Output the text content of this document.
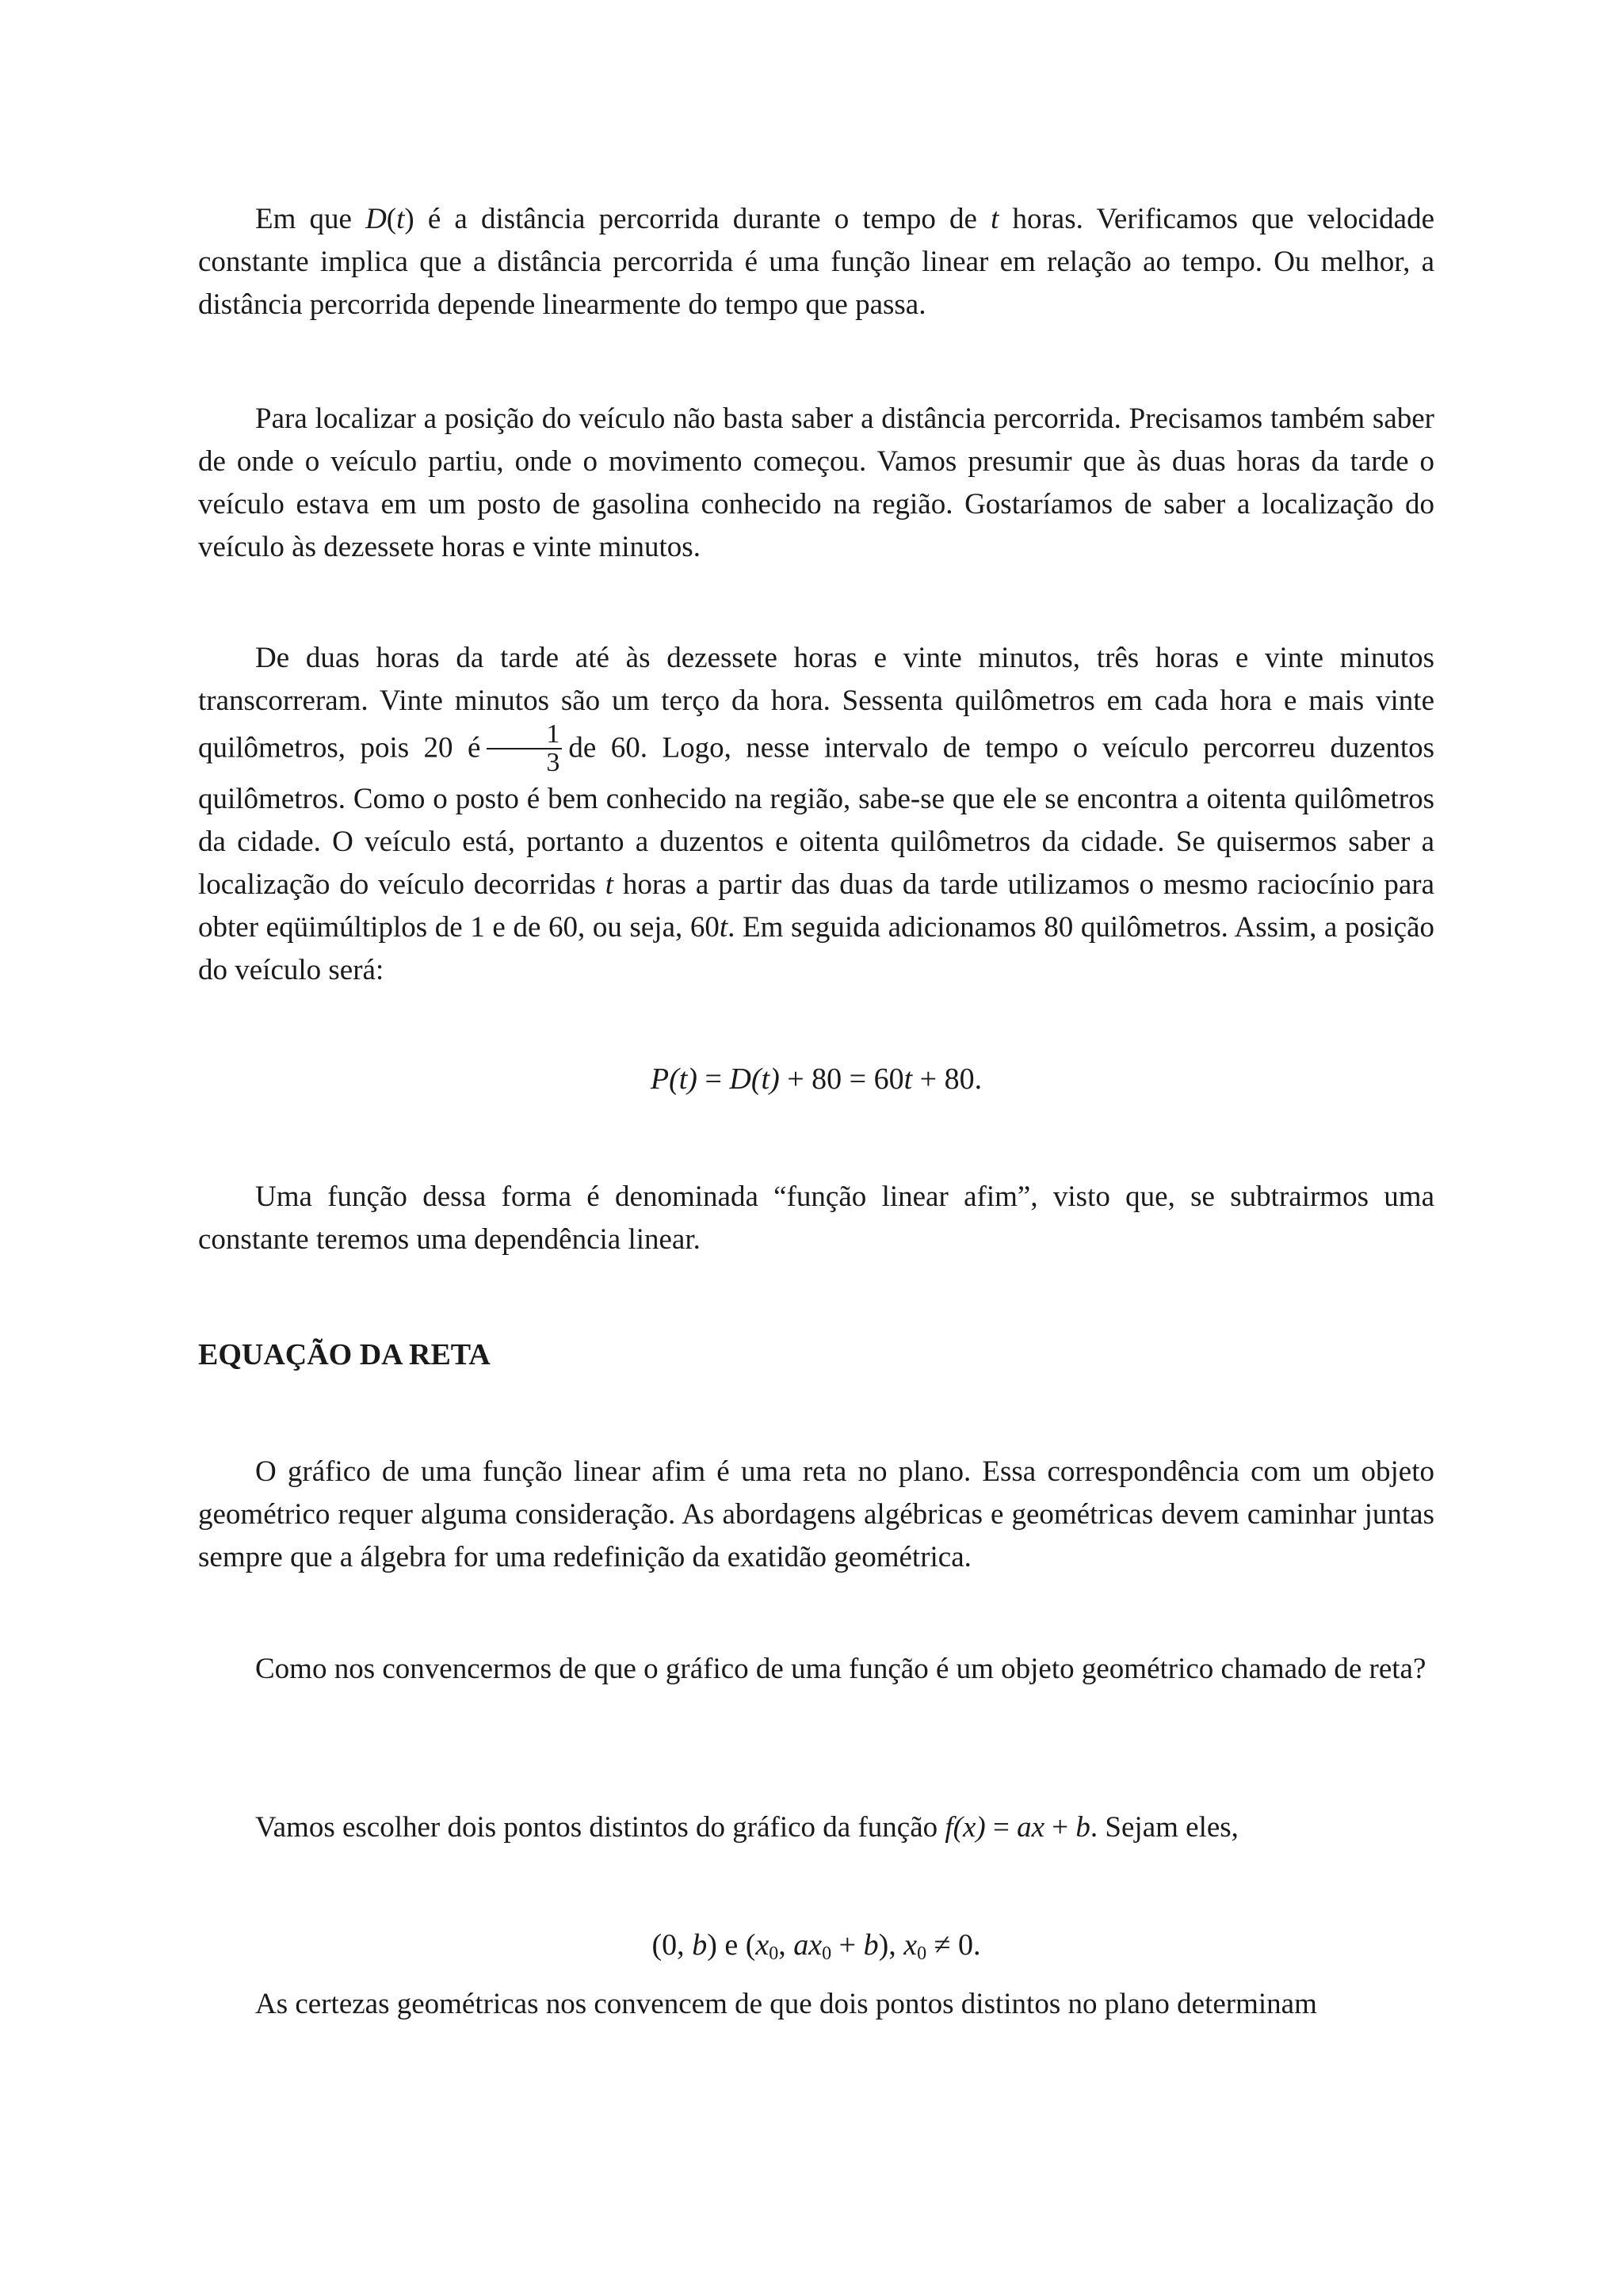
Em que D(t) é a distância percorrida durante o tempo de t horas. Verificamos que velocidade constante implica que a distância percorrida é uma função linear em relação ao tempo. Ou melhor, a distância percorrida depende linearmente do tempo que passa.

Para localizar a posição do veículo não basta saber a distância percorrida. Precisamos também saber de onde o veículo partiu, onde o movimento começou. Vamos presumir que às duas horas da tarde o veículo estava em um posto de gasolina conhecido na região. Gostaríamos de saber a localização do veículo às dezessete horas e vinte minutos.

De duas horas da tarde até às dezessete horas e vinte minutos, três horas e vinte minutos transcorreram. Vinte minutos são um terço da hora. Sessenta quilômetros em cada hora e mais vinte quilômetros, pois 20 é $\frac{1}{3}$ de 60. Logo, nesse intervalo de tempo o veículo percorreu duzentos quilômetros. Como o posto é bem conhecido na região, sabe-se que ele se encontra a oitenta quilômetros da cidade. O veículo está, portanto a duzentos e oitenta quilômetros da cidade. Se quisermos saber a localização do veículo decorridas t horas a partir das duas da tarde utilizamos o mesmo raciocínio para obter eqüimúltiplos de 1 e de 60, ou seja, 60t. Em seguida adicionamos 80 quilômetros. Assim, a posição do veículo será:

P(t) = D(t) + 80 = 60t + 80.

Uma função dessa forma é denominada “função linear afim”, visto que, se subtrairmos uma constante teremos uma dependência linear.

EQUAÇÃO DA RETA

O gráfico de uma função linear afim é uma reta no plano. Essa correspondência com um objeto geométrico requer alguma consideração. As abordagens algébricas e geométricas devem caminhar juntas sempre que a álgebra for uma redefinição da exatidão geométrica.

Como nos convencermos de que o gráfico de uma função é um objeto geométrico chamado de reta?

Vamos escolher dois pontos distintos do gráfico da função f(x) = ax + b. Sejam eles,

(0, b) e ($x_0$, $ax_0 + b$), $x_0 \ne 0$.

As certezas geométricas nos convencem de que dois pontos distintos no plano determinam
